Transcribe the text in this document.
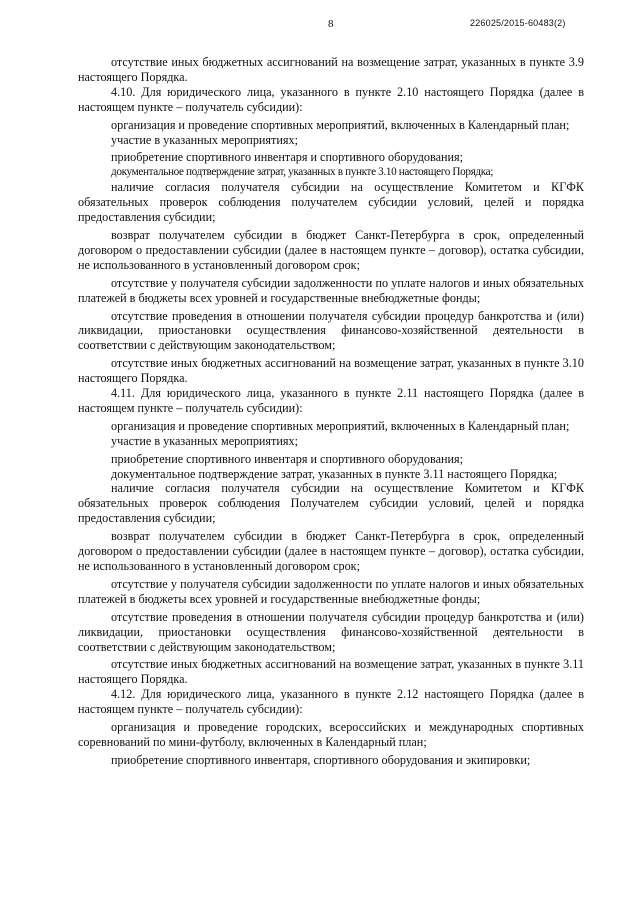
8	226025/2015-60483(2)

отсутствие иных бюджетных ассигнований на возмещение затрат, указанных в пункте 3.9 настоящего Порядка.

4.10. Для юридического лица, указанного в пункте 2.10 настоящего Порядка (далее в настоящем пункте – получатель субсидии):

организация и проведение спортивных мероприятий, включенных в Календарный план;

участие в указанных мероприятиях;

приобретение спортивного инвентаря и спортивного оборудования;

документальное подтверждение затрат, указанных в пункте 3.10 настоящего Порядка;

наличие согласия получателя субсидии на осуществление Комитетом и КГФК обязательных проверок соблюдения получателем субсидии условий, целей и порядка предоставления субсидии;

возврат получателем субсидии в бюджет Санкт-Петербурга в срок, определенный договором о предоставлении субсидии (далее в настоящем пункте – договор), остатка субсидии, не использованного в установленный договором срок;

отсутствие у получателя субсидии задолженности по уплате налогов и иных обязательных платежей в бюджеты всех уровней и государственные внебюджетные фонды;

отсутствие проведения в отношении получателя субсидии процедур банкротства и (или) ликвидации, приостановки осуществления финансово-хозяйственной деятельности в соответствии с действующим законодательством;

отсутствие иных бюджетных ассигнований на возмещение затрат, указанных в пункте 3.10 настоящего Порядка.

4.11. Для юридического лица, указанного в пункте 2.11 настоящего Порядка (далее в настоящем пункте – получатель субсидии):

организация и проведение спортивных мероприятий, включенных в Календарный план;

участие в указанных мероприятиях;

приобретение спортивного инвентаря и спортивного оборудования;

документальное подтверждение затрат, указанных в пункте 3.11 настоящего Порядка;

наличие согласия получателя субсидии на осуществление Комитетом и КГФК обязательных проверок соблюдения Получателем субсидии условий, целей и порядка предоставления субсидии;

возврат получателем субсидии в бюджет Санкт-Петербурга в срок, определенный договором о предоставлении субсидии (далее в настоящем пункте – договор), остатка субсидии, не использованного в установленный договором срок;

отсутствие у получателя субсидии задолженности по уплате налогов и иных обязательных платежей в бюджеты всех уровней и государственные внебюджетные фонды;

отсутствие проведения в отношении получателя субсидии процедур банкротства и (или) ликвидации, приостановки осуществления финансово-хозяйственной деятельности в соответствии с действующим законодательством;

отсутствие иных бюджетных ассигнований на возмещение затрат, указанных в пункте 3.11 настоящего Порядка.

4.12. Для юридического лица, указанного в пункте 2.12 настоящего Порядка (далее в настоящем пункте – получатель субсидии):

организация и проведение городских, всероссийских и международных спортивных соревнований по мини-футболу, включенных в Календарный план;

приобретение спортивного инвентаря, спортивного оборудования и экипировки;
